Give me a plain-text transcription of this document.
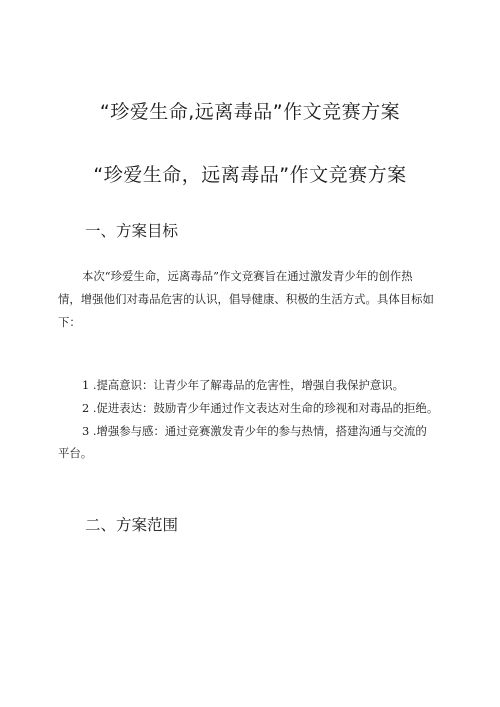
“珍爱生命,远离毒品”作文竞赛方案
“珍爱生命，远离毒品”作文竞赛方案
一、方案目标
本次“珍爱生命，远离毒品”作文竞赛旨在通过激发青少年的创作热
情，增强他们对毒品危害的认识，倡导健康、积极的生活方式。具体目标如
下：
1 .提高意识：让青少年了解毒品的危害性，增强自我保护意识。
2 .促进表达：鼓励青少年通过作文表达对生命的珍视和对毒品的拒绝。
3 .增强参与感：通过竞赛激发青少年的参与热情，搭建沟通与交流的
平台。
二、方案范围
